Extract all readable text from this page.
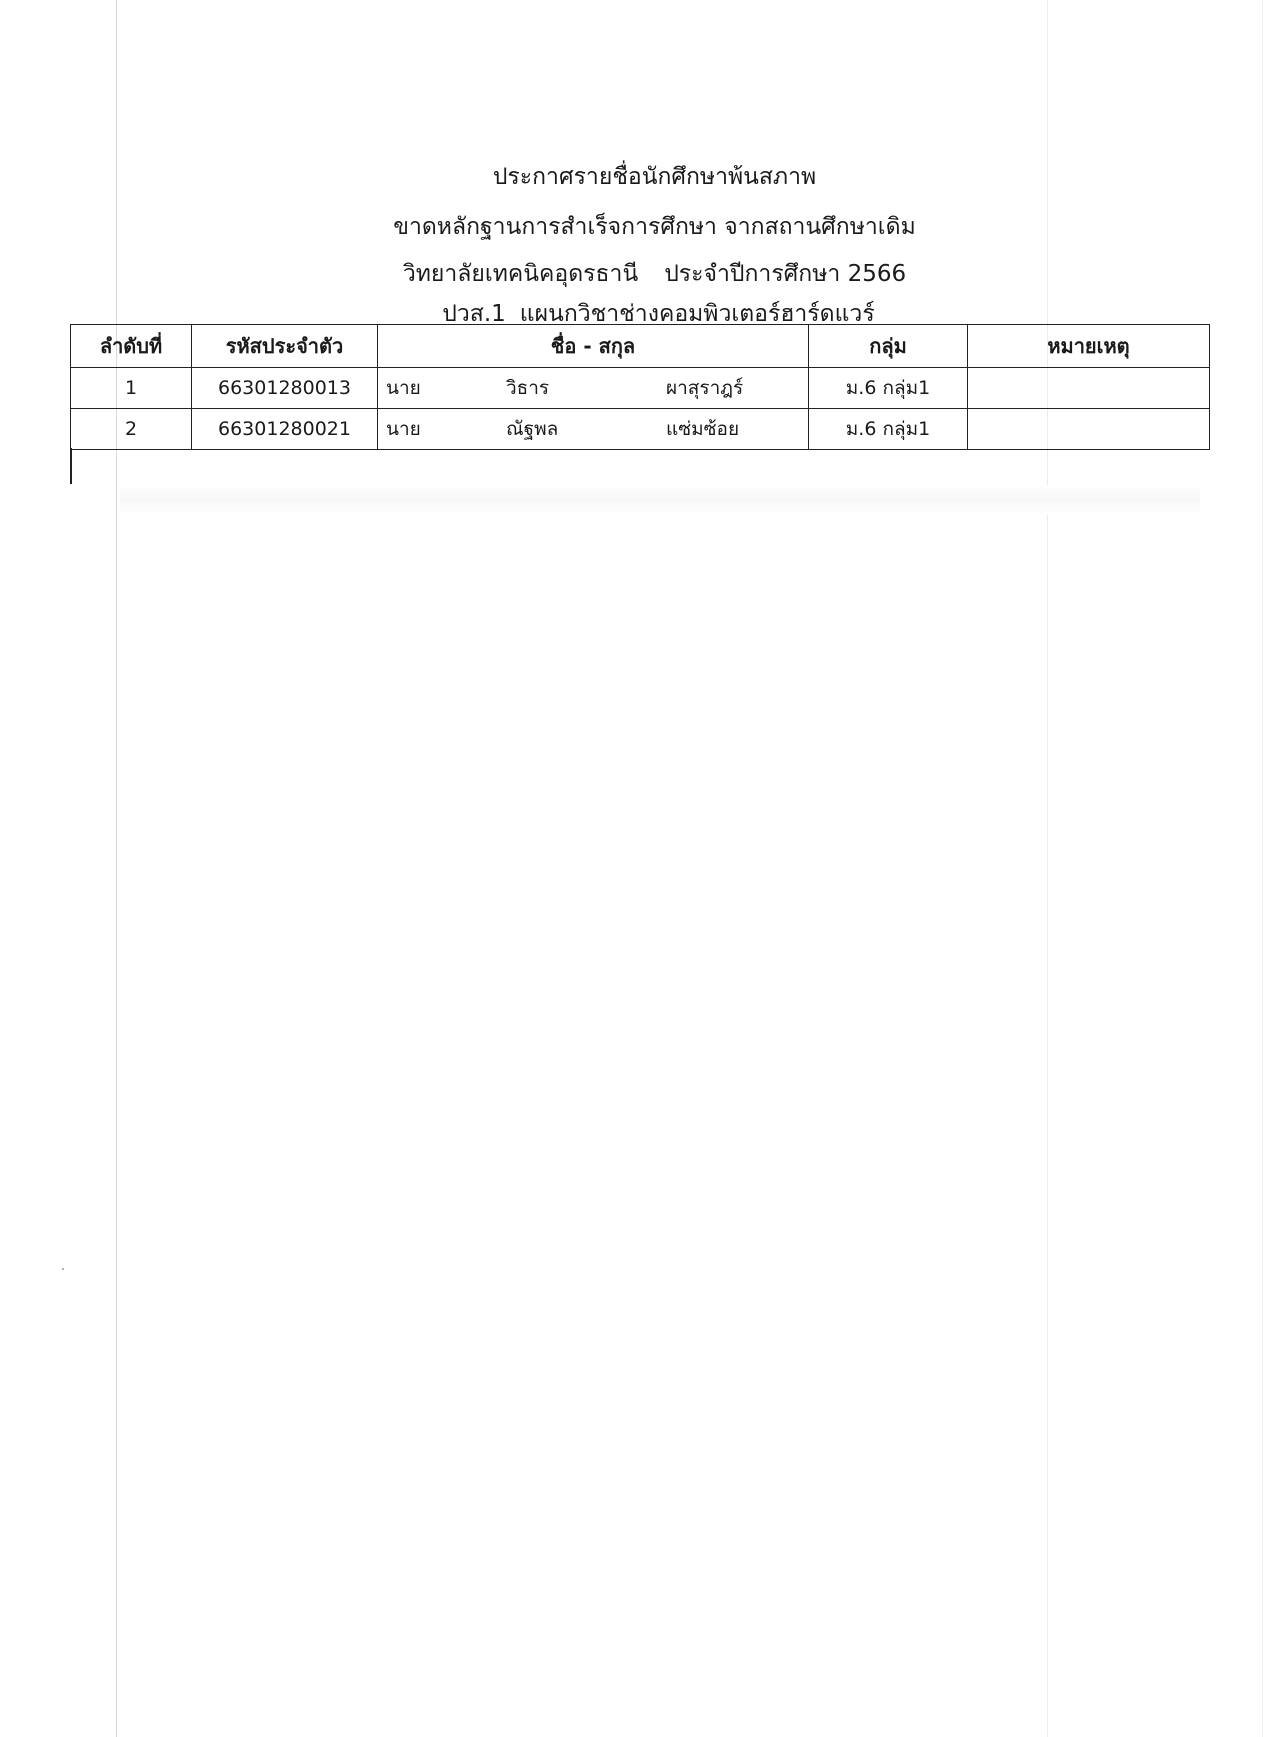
ประกาศรายชื่อนักศึกษาพ้นสภาพ
ขาดหลักฐานการสำเร็จการศึกษา จากสถานศึกษาเดิม
วิทยาลัยเทคนิคอุดรธานี ประจำปีการศึกษา 2566
ปวส.1 แผนกวิชาช่างคอมพิวเตอร์ฮาร์ดแวร์
ลำดับที่	รหัสประจำตัว	ชื่อ - สกุล	กลุ่ม	หมายเหตุ
1	66301280013	นาย วิธาร ผาสุราฎร์	ม.6 กลุ่ม1	
2	66301280021	นาย ณัฐพล แซ่มซ้อย	ม.6 กลุ่ม1	
